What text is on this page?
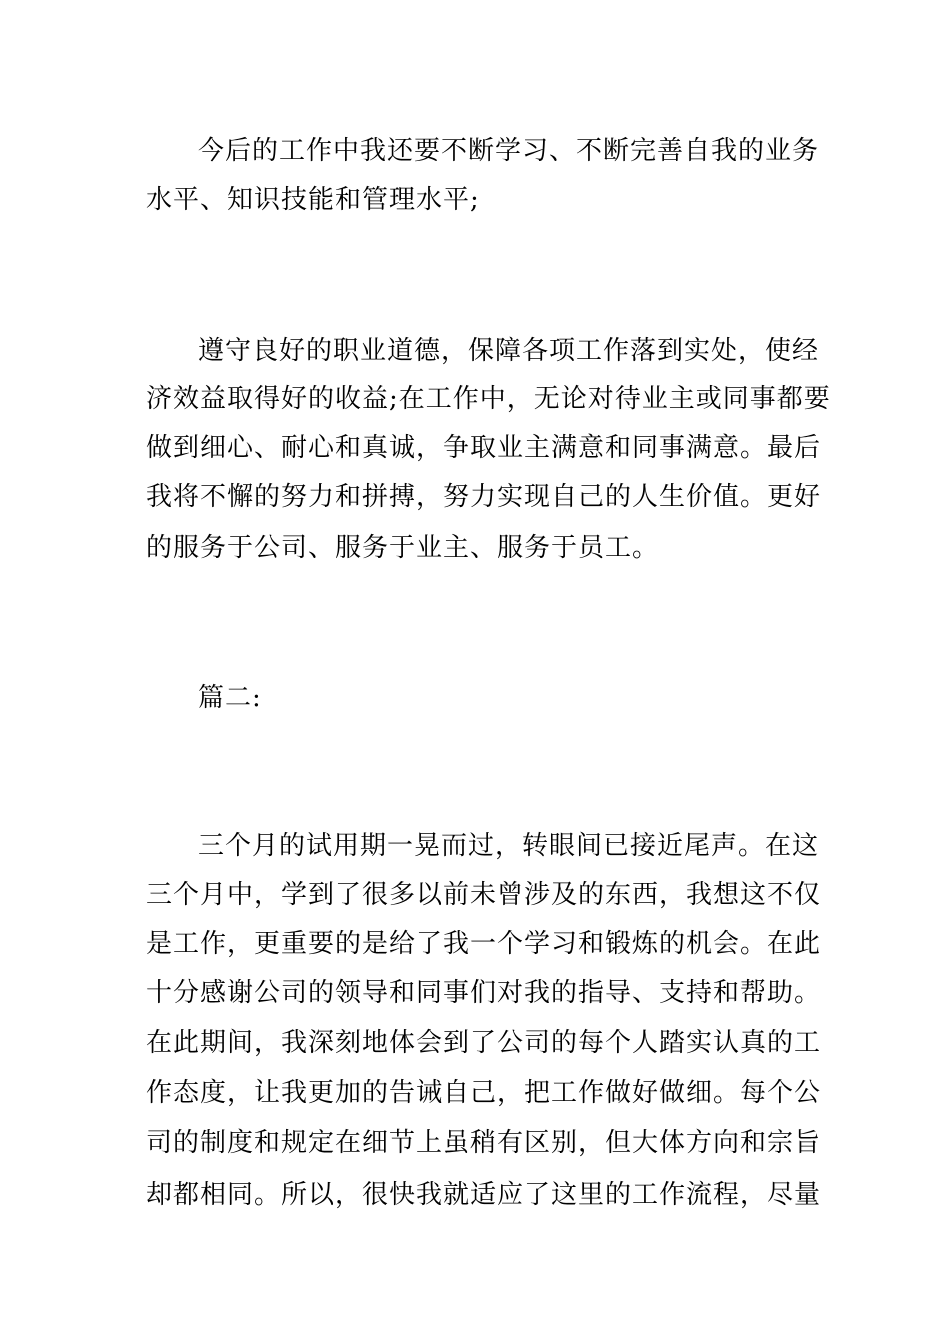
今后的工作中我还要不断学习、不断完善自我的业务
水平、知识技能和管理水平;
遵守良好的职业道德，保障各项工作落到实处，使经
济效益取得好的收益;在工作中，无论对待业主或同事都要
做到细心、耐心和真诚，争取业主满意和同事满意。最后
我将不懈的努力和拼搏，努力实现自己的人生价值。更好
的服务于公司、服务于业主、服务于员工。
篇二:
三个月的试用期一晃而过，转眼间已接近尾声。在这
三个月中，学到了很多以前未曾涉及的东西，我想这不仅
是工作，更重要的是给了我一个学习和锻炼的机会。在此
十分感谢公司的领导和同事们对我的指导、支持和帮助。
在此期间，我深刻地体会到了公司的每个人踏实认真的工
作态度，让我更加的告诫自己，把工作做好做细。每个公
司的制度和规定在细节上虽稍有区别，但大体方向和宗旨
却都相同。所以，很快我就适应了这里的工作流程，尽量
